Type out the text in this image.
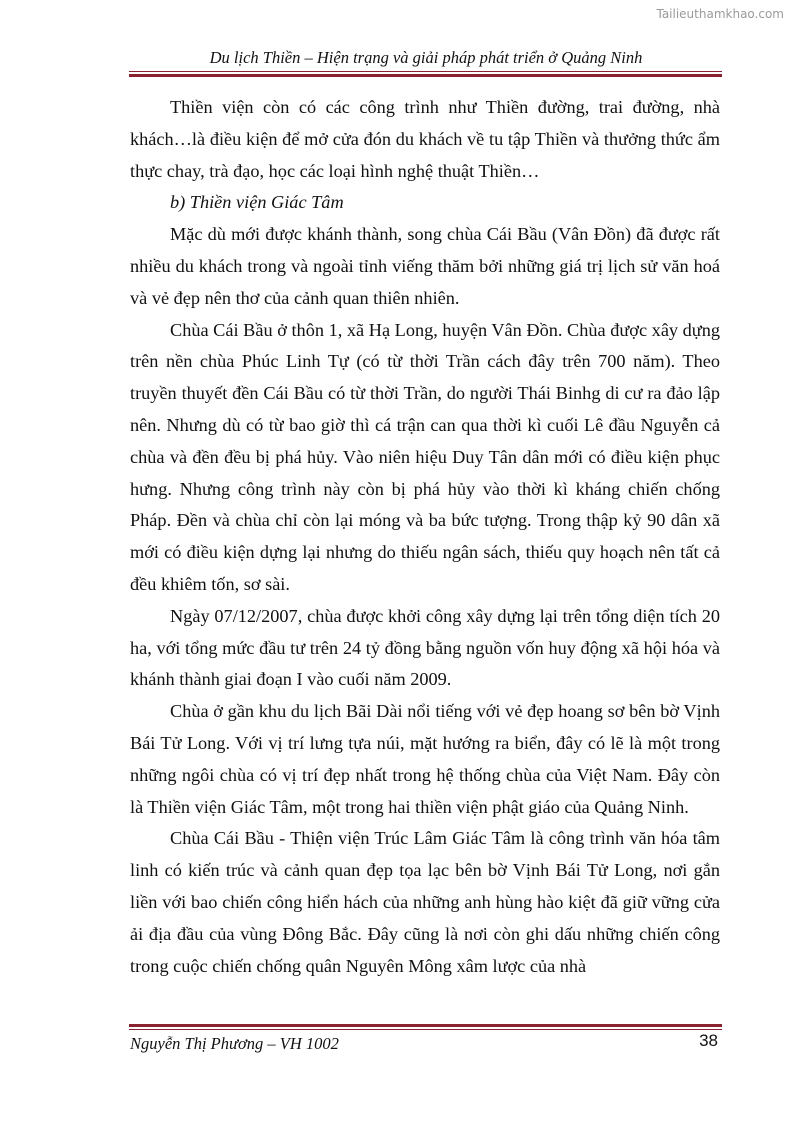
Tailieuthamkhao.com
Du lịch Thiền – Hiện trạng và giải pháp phát triển ở Quảng Ninh

Thiền viện còn có các công trình như Thiền đường, trai đường, nhà khách…là điều kiện để mở cửa đón du khách về tu tập Thiền và thưởng thức ẩm thực chay, trà đạo, học các loại hình nghệ thuật Thiền…

b) Thiền viện Giác Tâm

Mặc dù mới được khánh thành, song chùa Cái Bầu (Vân Đồn) đã được rất nhiều du khách trong và ngoài tỉnh viếng thăm bởi những giá trị lịch sử văn hoá và vẻ đẹp nên thơ của cảnh quan thiên nhiên.

Chùa Cái Bầu ở thôn 1, xã Hạ Long, huyện Vân Đồn. Chùa được xây dựng trên nền chùa Phúc Linh Tự (có từ thời Trần cách đây trên 700 năm). Theo truyền thuyết đền Cái Bầu có từ thời Trần, do người Thái Binhg di cư ra đảo lập nên. Nhưng dù có từ bao giờ thì cá trận can qua thời kì cuối Lê đầu Nguyễn cả chùa và đền đều bị phá hủy. Vào niên hiệu Duy Tân dân mới có điều kiện phục hưng. Nhưng công trình này còn bị phá hủy vào thời kì kháng chiến chống Pháp. Đền và chùa chỉ còn lại móng và ba bức tượng. Trong thập kỷ 90 dân xã mới có điều kiện dựng lại nhưng do thiếu ngân sách, thiếu quy hoạch nên tất cả đều khiêm tốn, sơ sài.

Ngày 07/12/2007, chùa được khởi công xây dựng lại trên tổng diện tích 20 ha, với tổng mức đầu tư trên 24 tỷ đồng bằng nguồn vốn huy động xã hội hóa và khánh thành giai đoạn I vào cuối năm 2009.

Chùa ở gần khu du lịch Bãi Dài nổi tiếng với vẻ đẹp hoang sơ bên bờ Vịnh Bái Tử Long. Với vị trí lưng tựa núi, mặt hướng ra biển, đây có lẽ là một trong những ngôi chùa có vị trí đẹp nhất trong hệ thống chùa của Việt Nam. Đây còn là Thiền viện Giác Tâm, một trong hai thiền viện phật giáo của Quảng Ninh.

Chùa Cái Bầu - Thiện viện Trúc Lâm Giác Tâm là công trình văn hóa tâm linh có kiến trúc và cảnh quan đẹp tọa lạc bên bờ Vịnh Bái Tử Long, nơi gắn liền với bao chiến công hiển hách của những anh hùng hào kiệt đã giữ vững cửa ải địa đầu của vùng Đông Bắc. Đây cũng là nơi còn ghi dấu những chiến công trong cuộc chiến chống quân Nguyên Mông xâm lược của nhà

Nguyễn Thị Phương – VH 1002	38
